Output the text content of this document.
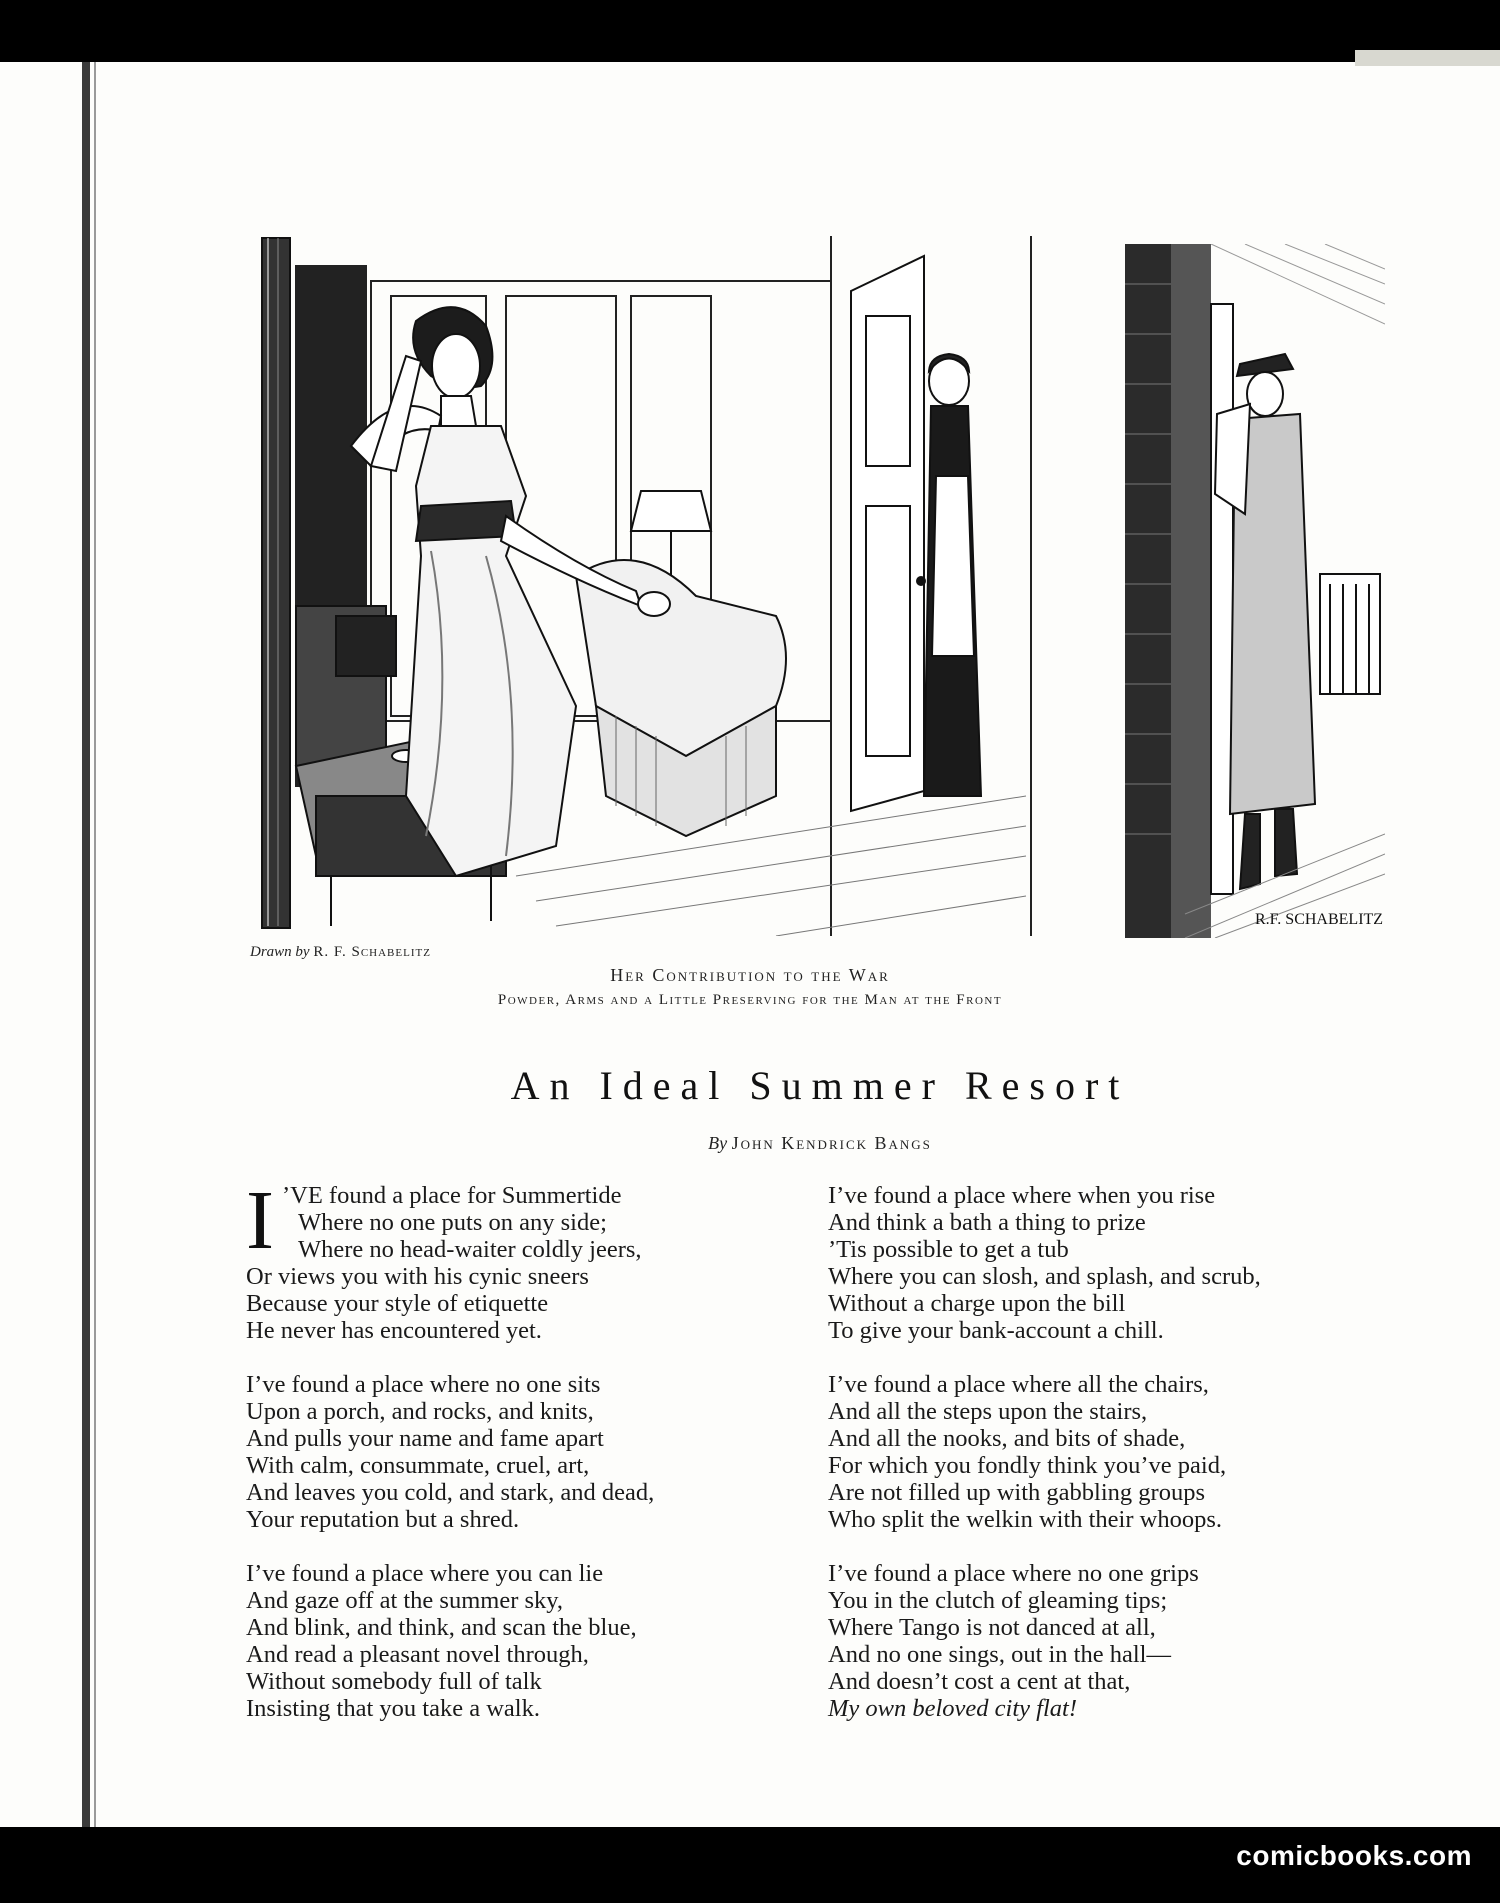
R.F. SCHABELITZ
Drawn by R. F. Schabelitz
Her Contribution to the War
Powder, Arms and a Little Preserving for the Man at the Front
An Ideal Summer Resort
By John Kendrick Bangs
I ’VE found a place for Summertide
Where no one puts on any side;
Where no head-waiter coldly jeers,
Or views you with his cynic sneers
Because your style of etiquette
He never has encountered yet.
I’ve found a place where no one sits
Upon a porch, and rocks, and knits,
And pulls your name and fame apart
With calm, consummate, cruel, art,
And leaves you cold, and stark, and dead,
Your reputation but a shred.
I’ve found a place where you can lie
And gaze off at the summer sky,
And blink, and think, and scan the blue,
And read a pleasant novel through,
Without somebody full of talk
Insisting that you take a walk.
I’ve found a place where when you rise
And think a bath a thing to prize
’Tis possible to get a tub
Where you can slosh, and splash, and scrub,
Without a charge upon the bill
To give your bank-account a chill.
I’ve found a place where all the chairs,
And all the steps upon the stairs,
And all the nooks, and bits of shade,
For which you fondly think you’ve paid,
Are not filled up with gabbling groups
Who split the welkin with their whoops.
I’ve found a place where no one grips
You in the clutch of gleaming tips;
Where Tango is not danced at all,
And no one sings, out in the hall—
And doesn’t cost a cent at that,
My own beloved city flat!
comicbooks.com
